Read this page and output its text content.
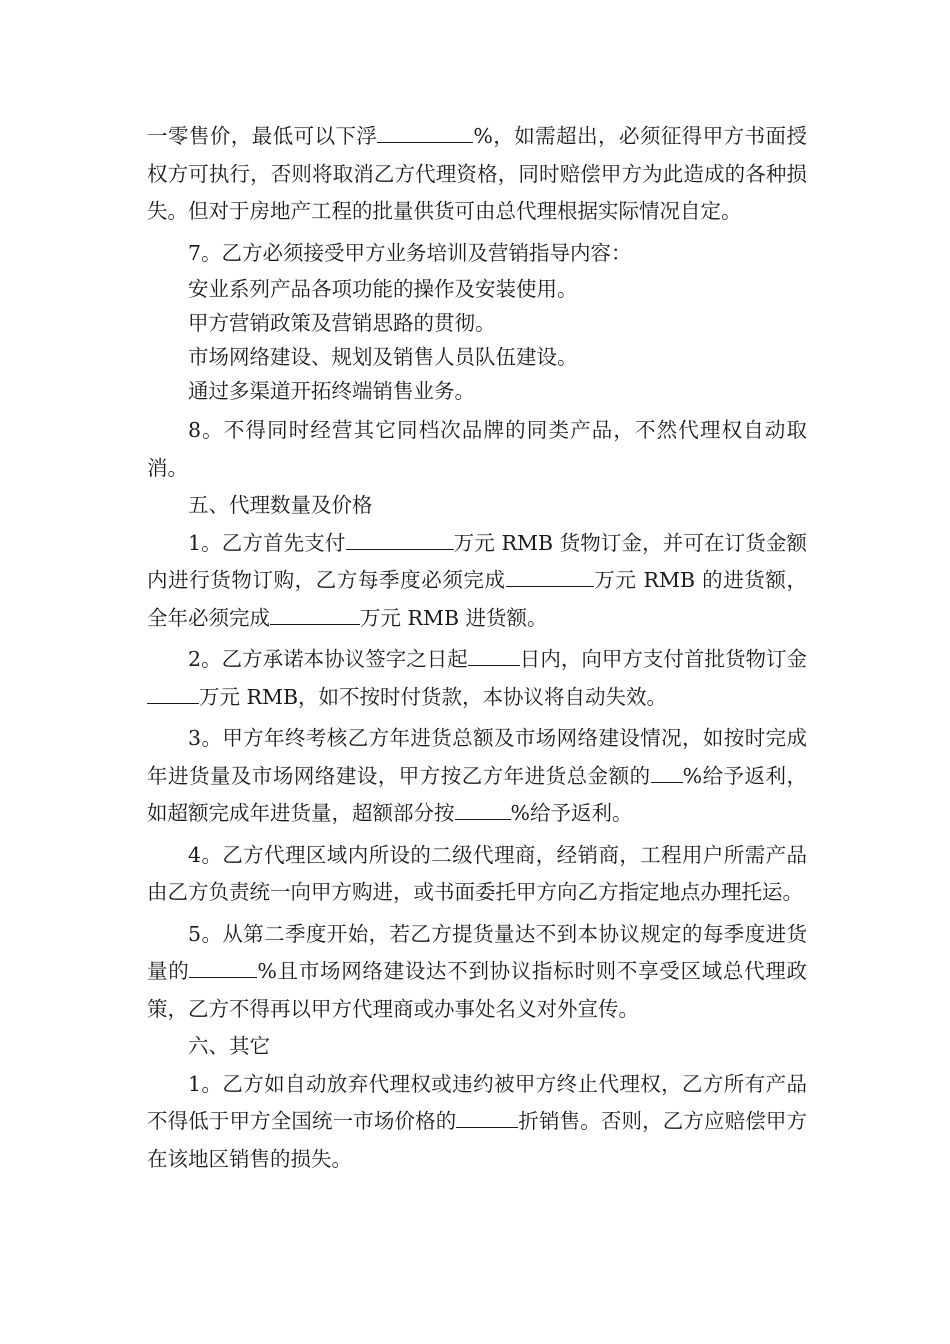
一零售价，最低可以下浮	%，如需超出，必须征得甲方书面授权方可执行，否则将取消乙方代理资格，同时赔偿甲方为此造成的各种损失。但对于房地产工程的批量供货可由总代理根据实际情况自定。

7。乙方必须接受甲方业务培训及营销指导内容：

安业系列产品各项功能的操作及安装使用。

甲方营销政策及营销思路的贯彻。

市场网络建设、规划及销售人员队伍建设。

通过多渠道开拓终端销售业务。

8。不得同时经营其它同档次品牌的同类产品，不然代理权自动取消。

五、代理数量及价格

1。乙方首先支付	万元 RMB 货物订金，并可在订货金额内进行货物订购，乙方每季度必须完成	万元 RMB 的进货额，全年必须完成	万元 RMB 进货额。

2。乙方承诺本协议签字之日起	日内，向甲方支付首批货物订金万元 RMB，如不按时付货款，本协议将自动失效。

3。甲方年终考核乙方年进货总额及市场网络建设情况，如按时完成年进货量及市场网络建设，甲方按乙方年进货总金额的 %给予返利，如超额完成年进货量，超额部分按	%给予返利。

4。乙方代理区域内所设的二级代理商，经销商，工程用户所需产品由乙方负责统一向甲方购进，或书面委托甲方向乙方指定地点办理托运。

5。从第二季度开始，若乙方提货量达不到本协议规定的每季度进货量的	%且市场网络建设达不到协议指标时则不享受区域总代理政策，乙方不得再以甲方代理商或办事处名义对外宣传。

六、其它

1。乙方如自动放弃代理权或违约被甲方终止代理权，乙方所有产品不得低于甲方全国统一市场价格的	折销售。否则，乙方应赔偿甲方在该地区销售的损失。
